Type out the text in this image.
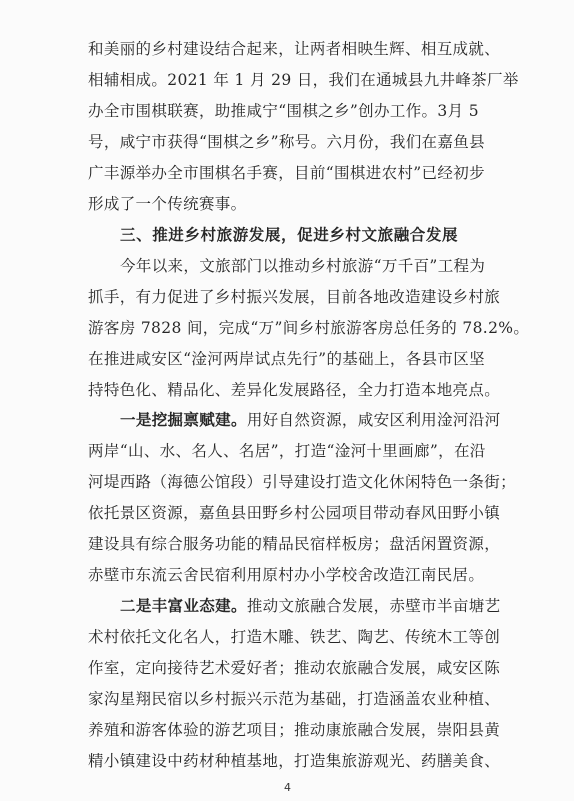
和美丽的乡村建设结合起来，让两者相映生辉、相互成就、
相辅相成。2021 年 1 月 29 日，我们在通城县九井峰茶厂举
办全市围棋联赛，助推咸宁“围棋之乡”创办工作。3月 5
号，咸宁市获得“围棋之乡”称号。六月份，我们在嘉鱼县
广丰源举办全市围棋名手赛，目前“围棋进农村”已经初步
形成了一个传统赛事。
三、推进乡村旅游发展，促进乡村文旅融合发展
今年以来，文旅部门以推动乡村旅游“万千百”工程为
抓手，有力促进了乡村振兴发展，目前各地改造建设乡村旅
游客房 7828 间，完成“万”间乡村旅游客房总任务的 78.2%。
在推进咸安区“淦河两岸试点先行”的基础上，各县市区坚
持特色化、精品化、差异化发展路径，全力打造本地亮点。
一是挖掘禀赋建。用好自然资源，咸安区利用淦河沿河
两岸“山、水、名人、名居”，打造“淦河十里画廊”，在沿
河堤西路（海德公馆段）引导建设打造文化休闲特色一条街；
依托景区资源，嘉鱼县田野乡村公园项目带动春风田野小镇
建设具有综合服务功能的精品民宿样板房；盘活闲置资源，
赤壁市东流云舍民宿利用原村办小学校舍改造江南民居。
二是丰富业态建。推动文旅融合发展，赤壁市半亩塘艺
4
术村依托文化名人，打造木雕、铁艺、陶艺、传统木工等创
作室，定向接待艺术爱好者；推动农旅融合发展，咸安区陈
家沟星翔民宿以乡村振兴示范为基础，打造涵盖农业种植、
养殖和游客体验的游艺项目；推动康旅融合发展，崇阳县黄
精小镇建设中药材种植基地，打造集旅游观光、药膳美食、
